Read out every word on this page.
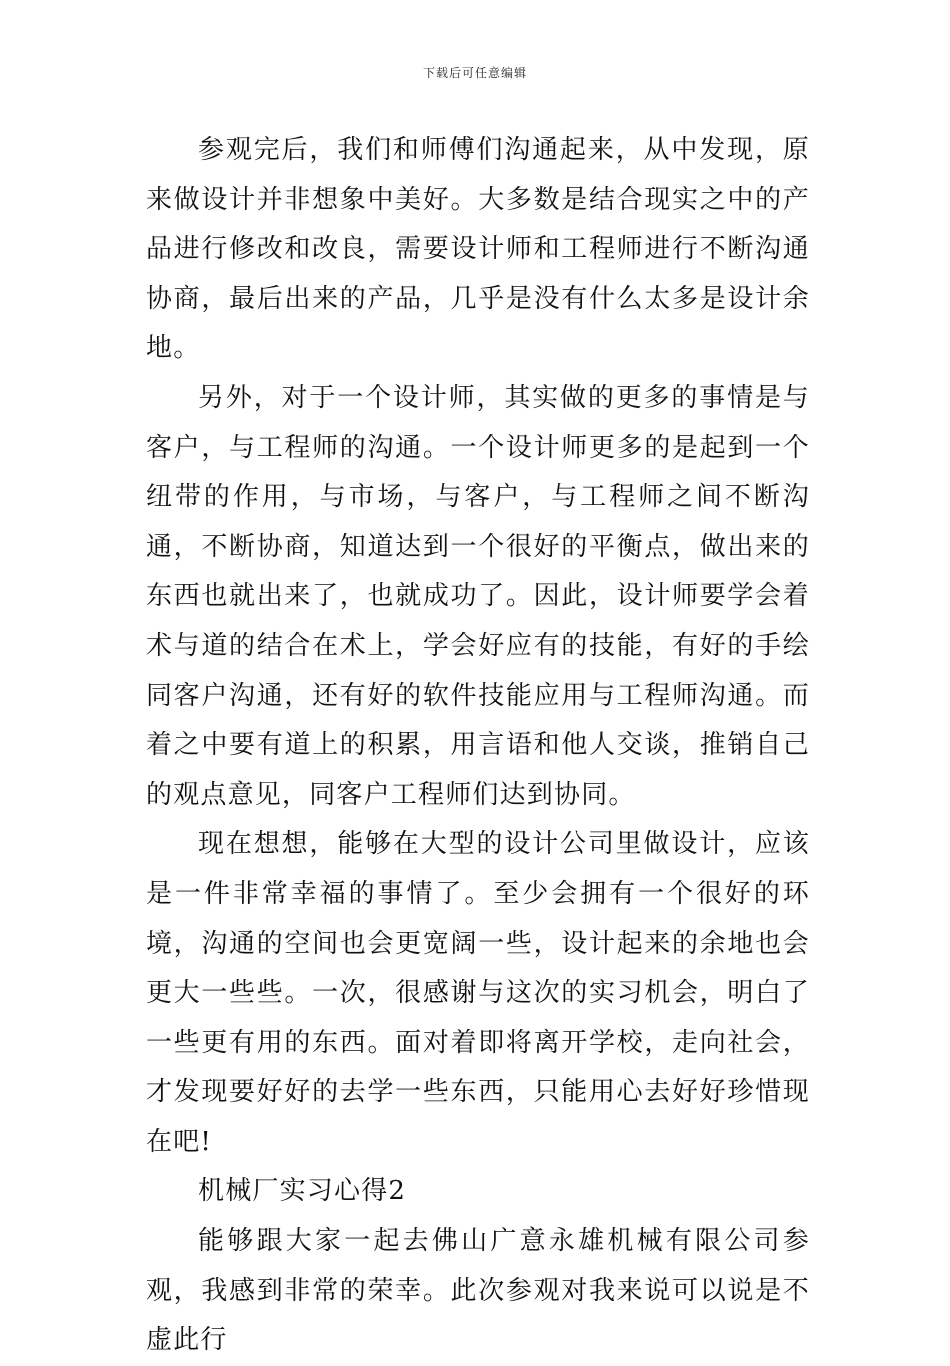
下载后可任意编辑

参观完后，我们和师傅们沟通起来，从中发现，原来做设计并非想象中美好。大多数是结合现实之中的产品进行修改和改良，需要设计师和工程师进行不断沟通协商，最后出来的产品，几乎是没有什么太多是设计余地。

另外，对于一个设计师，其实做的更多的事情是与客户，与工程师的沟通。一个设计师更多的是起到一个纽带的作用，与市场，与客户，与工程师之间不断沟通，不断协商，知道达到一个很好的平衡点，做出来的东西也就出来了，也就成功了。因此，设计师要学会着术与道的结合在术上，学会好应有的技能，有好的手绘同客户沟通，还有好的软件技能应用与工程师沟通。而着之中要有道上的积累，用言语和他人交谈，推销自己的观点意见，同客户工程师们达到协同。

现在想想，能够在大型的设计公司里做设计，应该是一件非常幸福的事情了。至少会拥有一个很好的环境，沟通的空间也会更宽阔一些，设计起来的余地也会更大一些些。一次，很感谢与这次的实习机会，明白了一些更有用的东西。面对着即将离开学校，走向社会，才发现要好好的去学一些东西，只能用心去好好珍惜现在吧!

机械厂实习心得2

能够跟大家一起去佛山广意永雄机械有限公司参观，我感到非常的荣幸。此次参观对我来说可以说是不虚此行
